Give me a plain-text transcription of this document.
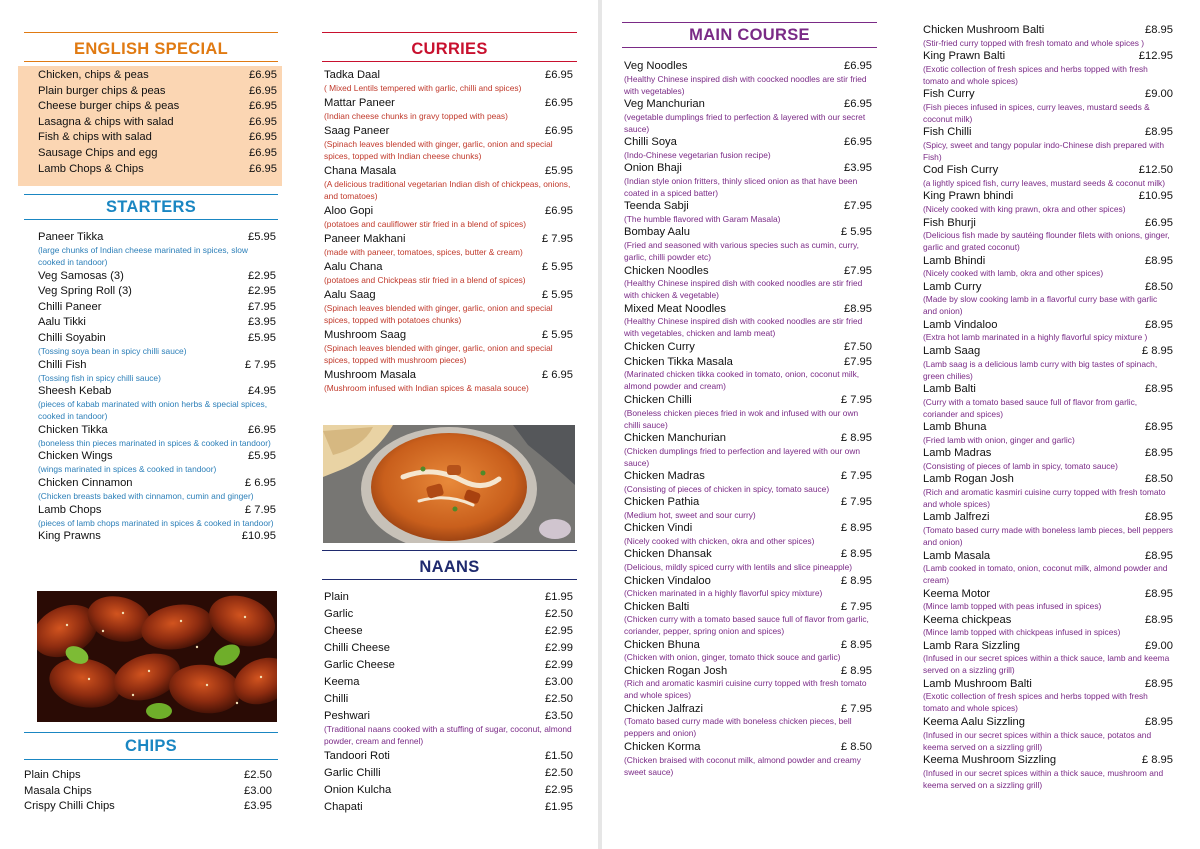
ENGLISH SPECIAL
Chicken, chips & peas	£6.95
Plain burger chips & peas	£6.95
Cheese burger chips & peas	£6.95
Lasagna & chips with salad	£6.95
Fish & chips with salad	£6.95
Sausage Chips and egg	£6.95
Lamb Chops & Chips	£6.95
STARTERS
Paneer Tikka	£5.95
(large chunks of Indian cheese marinated in spices, slow cooked in tandoor)
Veg Samosas (3)	£2.95
Veg Spring Roll (3)	£2.95
Chilli Paneer	£7.95
Aalu Tikki	£3.95
Chilli Soyabin	£5.95
(Tossing soya bean in spicy chilli sauce)
Chilli Fish	£ 7.95
(Tossing fish in spicy chilli sauce)
Sheesh Kebab	£4.95
(pieces of kabab marinated with onion herbs & special spices, cooked in tandoor)
Chicken Tikka	£6.95
(boneless thin pieces marinated in spices & cooked in tandoor)
Chicken Wings	£5.95
(wings marinated in spices & cooked in tandoor)
Chicken Cinnamon	£ 6.95
(Chicken breasts baked with cinnamon, cumin and ginger)
Lamb Chops	£ 7.95
(pieces of lamb chops marinated in spices & cooked in tandoor)
King Prawns	£10.95
CHIPS
Plain Chips	£2.50
Masala Chips	£3.00
Crispy Chilli Chips	£3.95
CURRIES
Tadka Daal	£6.95
( Mixed Lentils tempered with garlic, chilli and spices)
Mattar Paneer	£6.95
(Indian cheese chunks in gravy topped with peas)
Saag Paneer	£6.95
(Spinach leaves blended with ginger, garlic, onion and special spices, topped with Indian cheese chunks)
Chana Masala	£5.95
(A delicious traditional vegetarian Indian dish of chickpeas, onions, and tomatoes)
Aloo Gopi	£6.95
(potatoes and cauliflower stir fried in a blend of spices)
Paneer Makhani	£ 7.95
(made with paneer, tomatoes, spices, butter & cream)
Aalu Chana	£ 5.95
(potatoes and Chickpeas stir fried in a blend of spices)
Aalu Saag	£ 5.95
(Spinach leaves blended with ginger, garlic, onion and special spices, topped with potatoes chunks)
Mushroom Saag	£ 5.95
(Spinach leaves blended with ginger, garlic, onion and special spices, topped with mushroom pieces)
Mushroom Masala	£ 6.95
(Mushroom infused with Indian spices & masala souce)
NAANS
Plain	£1.95
Garlic	£2.50
Cheese	£2.95
Chilli Cheese	£2.99
Garlic Cheese	£2.99
Keema	£3.00
Chilli	£2.50
Peshwari	£3.50
(Traditional naans cooked with a stuffing of sugar, coconut, almond powder, cream and fennel)
Tandoori Roti	£1.50
Garlic Chilli	£2.50
Onion Kulcha	£2.95
Chapati	£1.95
MAIN COURSE
Veg Noodles	£6.95
(Healthy Chinese inspired dish with coocked noodles are stir fried with vegetables)
Veg Manchurian	£6.95
(vegetable dumplings fried to perfection & layered with our secret sauce)
Chilli Soya	£6.95
(Indo-Chinese vegetarian fusion recipe)
Onion Bhaji	£3.95
(Indian style onion fritters, thinly sliced onion as that have been coated in a spiced batter)
Teenda Sabji	£7.95
(The humble flavored with Garam Masala)
Bombay Aalu	£ 5.95
(Fried and seasoned with various species such as cumin, curry, garlic, chilli powder etc)
Chicken Noodles	£7.95
(Healthy Chinese inspired dish with cooked noodles are stir fried with chicken & vegetable)
Mixed Meat Noodles	£8.95
(Healthy Chinese inspired dish with cooked noodles are stir fried with vegetables, chicken and lamb meat)
Chicken Curry	£7.50
Chicken Tikka Masala	£7.95
(Marinated chicken tikka cooked in tomato, onion, coconut milk, almond powder and cream)
Chicken Chilli	£ 7.95
(Boneless chicken pieces fried in wok and infused with our own chilli sauce)
Chicken Manchurian	£ 8.95
(Chicken dumplings fried to perfection and layered with our own sauce)
Chicken Madras	£ 7.95
(Consisting of pieces of chicken in spicy, tomato sauce)
Chicken Pathia	£ 7.95
(Medium hot, sweet and sour curry)
Chicken Vindi	£ 8.95
(Nicely cooked with chicken, okra and other spices)
Chicken Dhansak	£ 8.95
(Delicious, mildly spiced curry with lentils and slice pineapple)
Chicken Vindaloo	£ 8.95
(Chicken marinated in a highly flavorful spicy mixture)
Chicken Balti	£ 7.95
(Chicken curry with a tomato based sauce full of flavor from garlic, coriander, pepper, spring onion and spices)
Chicken Bhuna	£ 8.95
(Chicken with onion, ginger, tomato thick souce and garlic)
Chicken Rogan Josh	£ 8.95
(Rich and aromatic kasmiri cuisine curry topped with fresh tomato and whole spices)
Chicken Jalfrazi	£ 7.95
(Tomato based curry made with boneless chicken pieces, bell peppers and onion)
Chicken Korma	£ 8.50
(Chicken braised with coconut milk, almond powder and creamy sweet sauce)
Chicken Mushroom Balti	£8.95
(Stir-fried curry topped with fresh tomato and whole spices )
King Prawn Balti	£12.95
(Exotic collection of fresh spices and herbs topped with fresh tomato and whole spices)
Fish Curry	£9.00
(Fish pieces infused in spices, curry leaves, mustard seeds & coconut milk)
Fish Chilli	£8.95
(Spicy, sweet and tangy popular indo-Chinese dish prepared with Fish)
Cod Fish Curry	£12.50
(a lightly spiced fish, curry leaves, mustard seeds & coconut milk)
King Prawn bhindi	£10.95
(Nicely cooked with king prawn, okra and other spices)
Fish Bhurji	£6.95
(Delicious fish made by sautéing flounder filets with onions, ginger, garlic and grated coconut)
Lamb Bhindi	£8.95
(Nicely cooked with lamb, okra and other spices)
Lamb Curry	£8.50
(Made by slow cooking lamb in a flavorful curry base with garlic and onion)
Lamb Vindaloo	£8.95
(Extra hot lamb marinated in a highly flavorful spicy mixture )
Lamb Saag	£ 8.95
(Lamb saag is a delicious lamb curry with big tastes of spinach, green chilies)
Lamb Balti	£8.95
(Curry with a tomato based sauce full of flavor from garlic, coriander and spices)
Lamb Bhuna	£8.95
(Fried lamb with onion, ginger and garlic)
Lamb Madras	£8.95
(Consisting of pieces of lamb in spicy, tomato sauce)
Lamb Rogan Josh	£8.50
(Rich and aromatic kasmiri cuisine curry topped with fresh tomato and whole spices)
Lamb Jalfrezi	£8.95
(Tomato based curry made with boneless lamb pieces, bell peppers and onion)
Lamb Masala	£8.95
(Lamb cooked in tomato, onion, coconut milk, almond powder and cream)
Keema Motor	£8.95
(Mince lamb topped with peas infused in spices)
Keema chickpeas	£8.95
(Mince lamb topped with chickpeas infused in spices)
Lamb Rara Sizzling	£9.00
(Infused in our secret spices within a thick sauce, lamb and keema served on a sizzling grill)
Lamb Mushroom Balti	£8.95
(Exotic collection of fresh spices and herbs topped with fresh tomato and whole spices)
Keema Aalu Sizzling	£8.95
(Infused in our secret spices within a thick sauce, potatos and keema served on a sizzling grill)
Keema Mushroom Sizzling	£ 8.95
(Infused in our secret spices within a thick sauce, mushroom and keema served on a sizzling grill)
